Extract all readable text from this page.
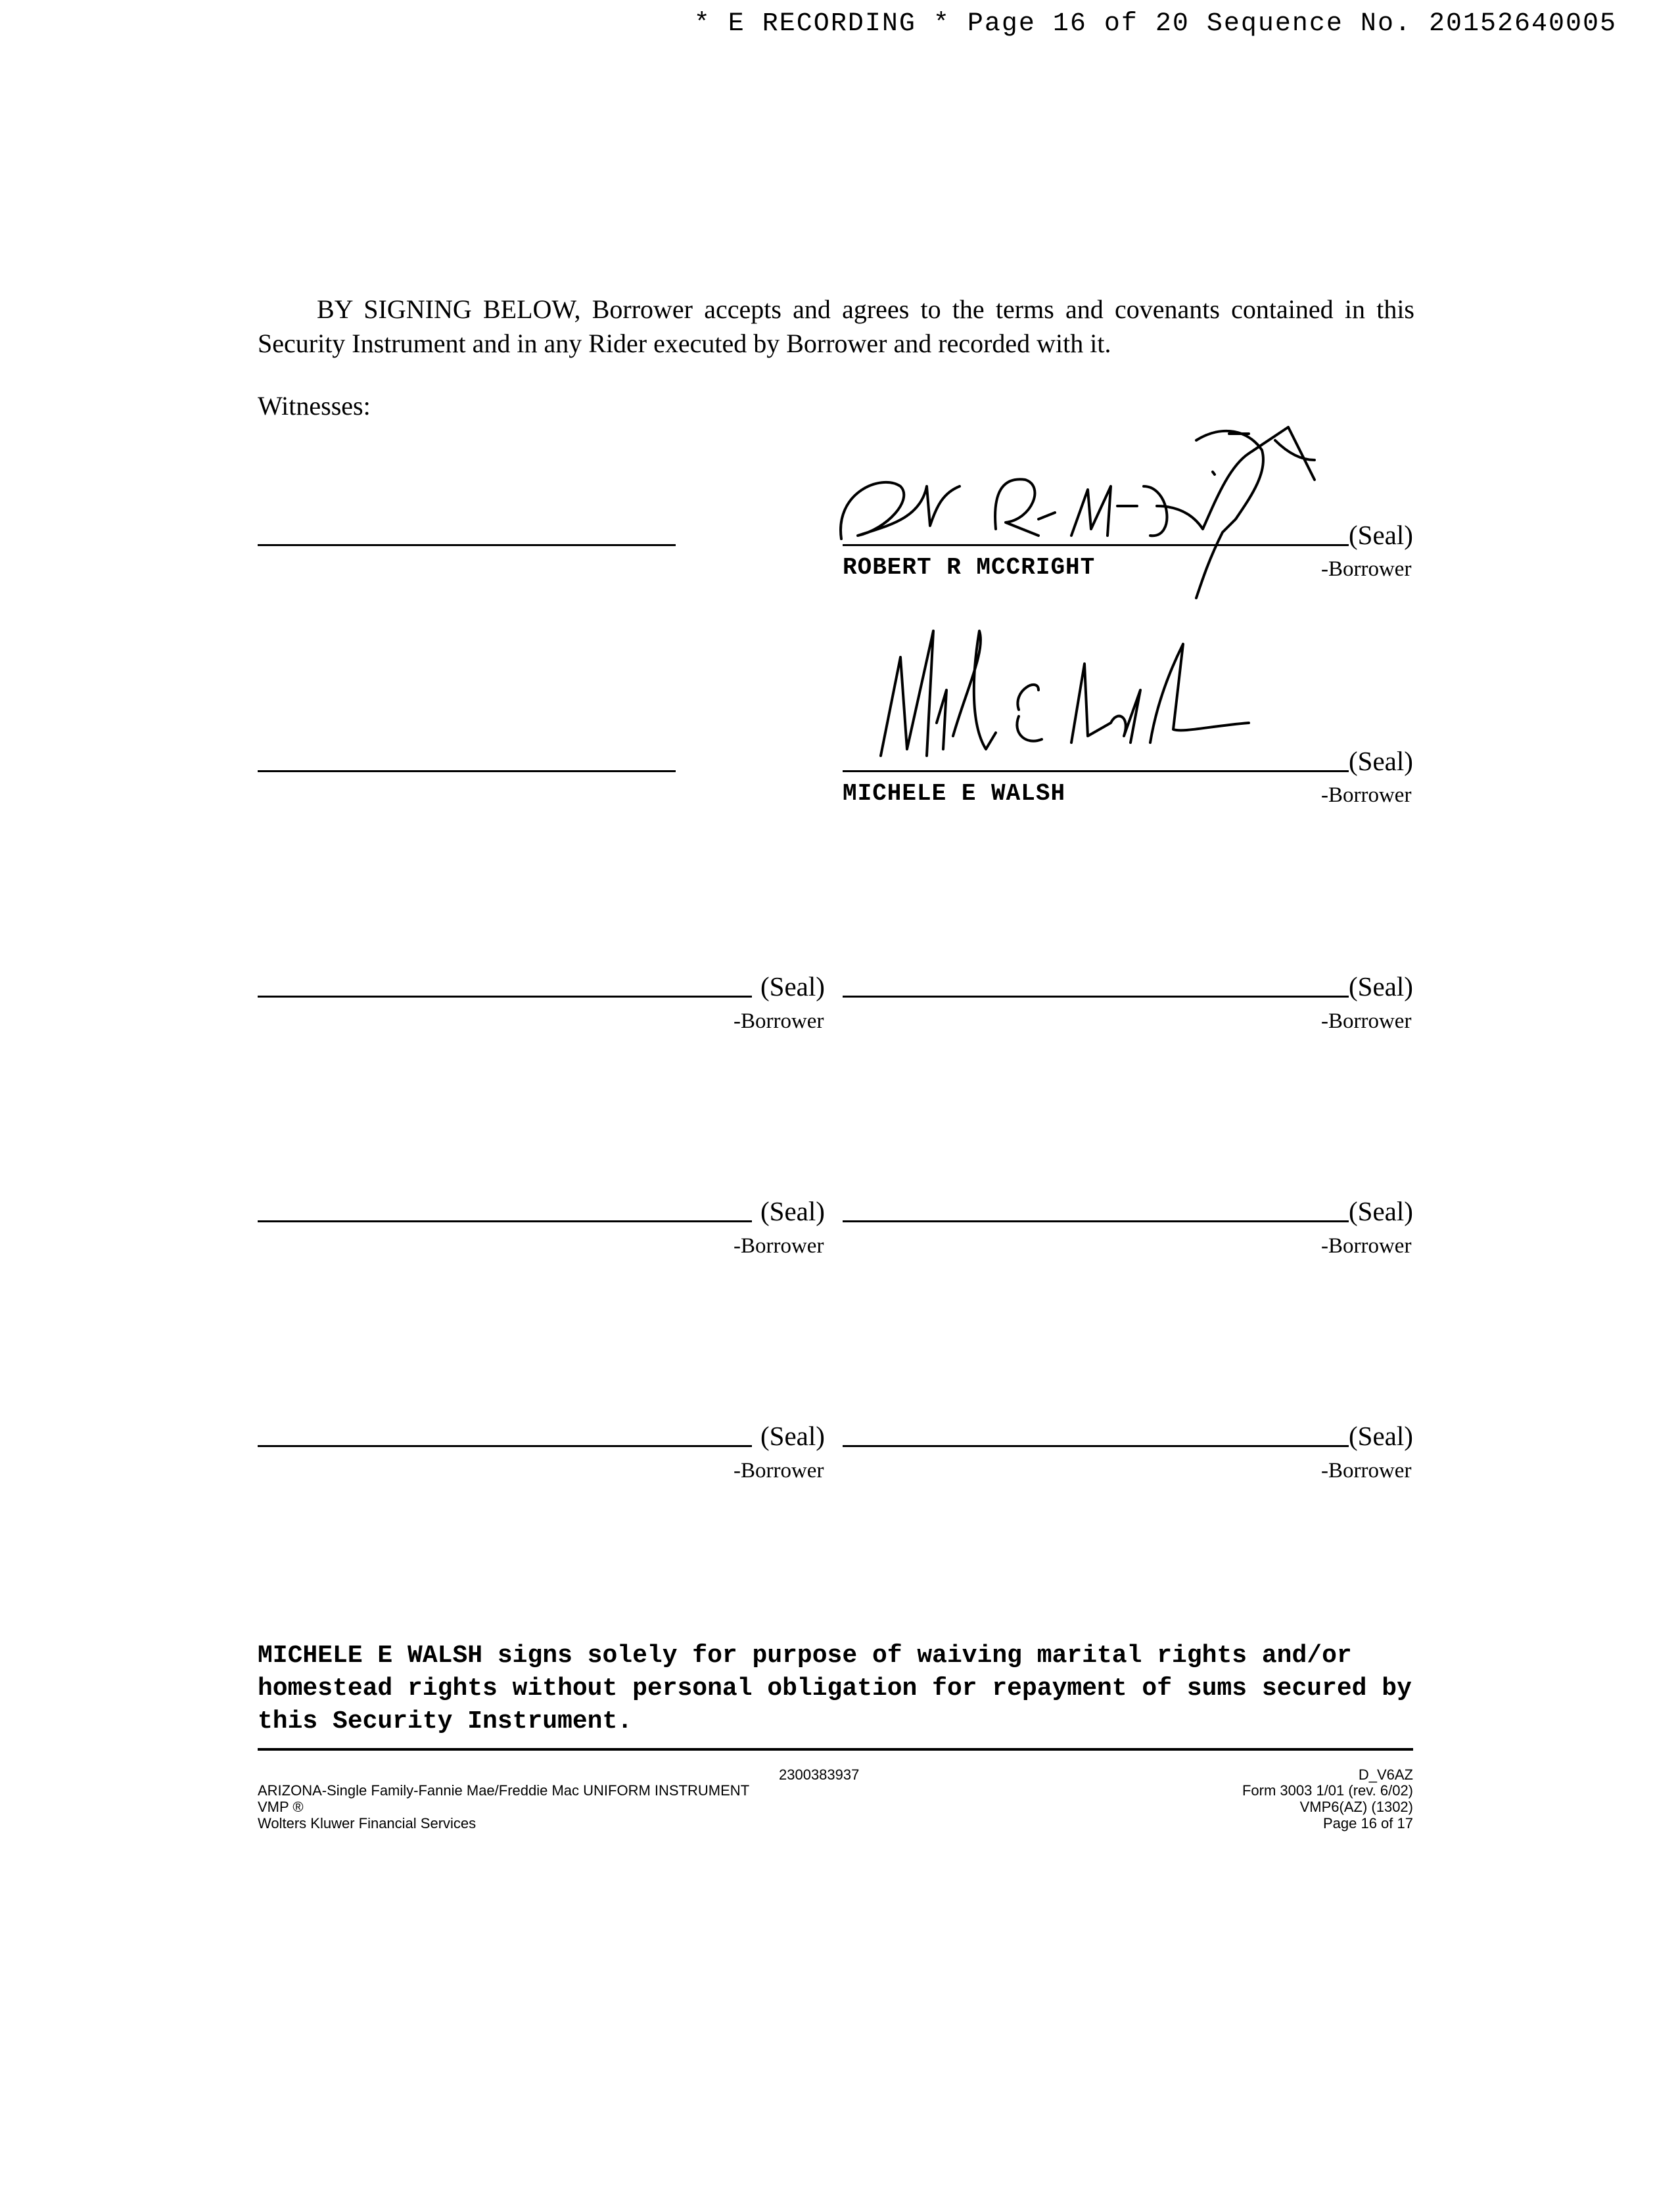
* E RECORDING * Page 16 of 20 Sequence No. 20152640005
BY SIGNING BELOW, Borrower accepts and agrees to the terms and covenants contained in this Security Instrument and in any Rider executed by Borrower and recorded with it.
Witnesses:
(Seal)
ROBERT R MCCRIGHT	-Borrower
(Seal)
MICHELE E WALSH	-Borrower
(Seal)
-Borrower
(Seal)
-Borrower
(Seal)
-Borrower
(Seal)
-Borrower
(Seal)
-Borrower
(Seal)
-Borrower
MICHELE E WALSH signs solely for purpose of waiving marital rights and/or homestead rights without personal obligation for repayment of sums secured by this Security Instrument.
2300383937
ARIZONA-Single Family-Fannie Mae/Freddie Mac UNIFORM INSTRUMENT
VMP ®
Wolters Kluwer Financial Services
D_V6AZ
Form 3003 1/01 (rev. 6/02)
VMP6(AZ) (1302)
Page 16 of 17
